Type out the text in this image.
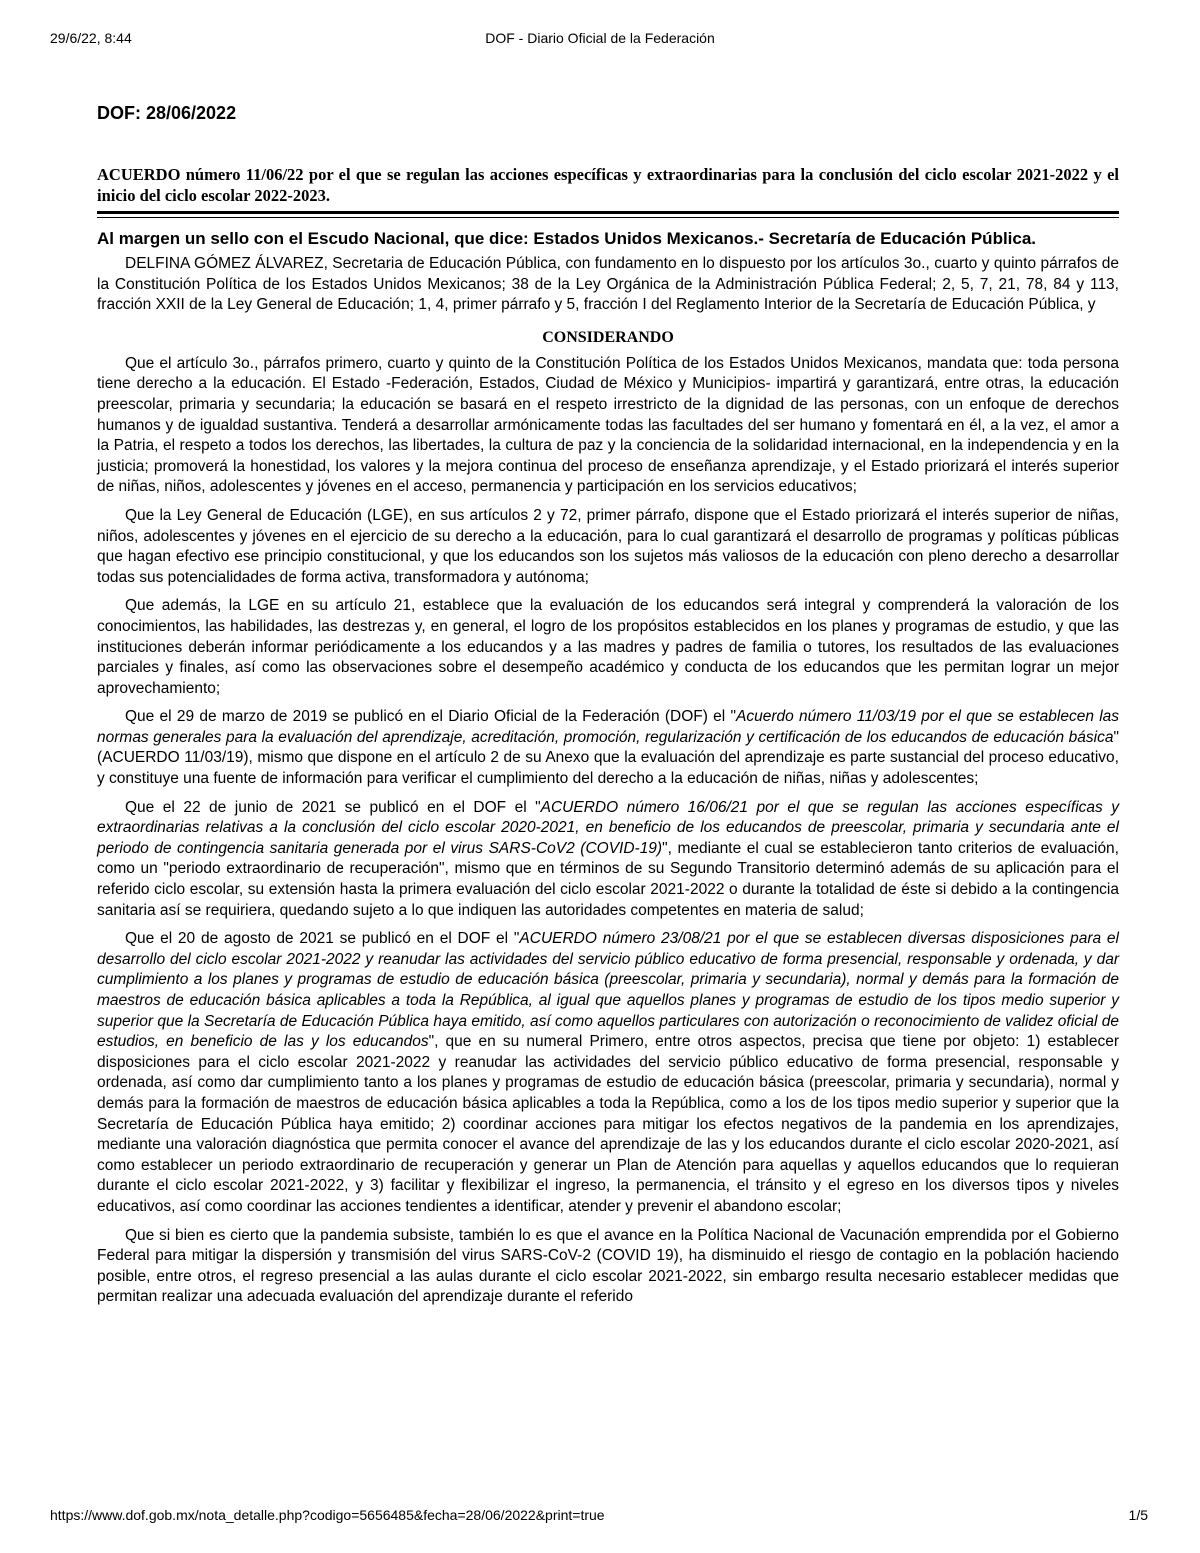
DOF - Diario Oficial de la Federación
29/6/22, 8:44
DOF: 28/06/2022
ACUERDO número 11/06/22 por el que se regulan las acciones específicas y extraordinarias para la conclusión del ciclo escolar 2021-2022 y el inicio del ciclo escolar 2022-2023.
Al margen un sello con el Escudo Nacional, que dice: Estados Unidos Mexicanos.- Secretaría de Educación Pública.

DELFINA GÓMEZ ÁLVAREZ, Secretaria de Educación Pública, con fundamento en lo dispuesto por los artículos 3o., cuarto y quinto párrafos de la Constitución Política de los Estados Unidos Mexicanos; 38 de la Ley Orgánica de la Administración Pública Federal; 2, 5, 7, 21, 78, 84 y 113, fracción XXII de la Ley General de Educación; 1, 4, primer párrafo y 5, fracción I del Reglamento Interior de la Secretaría de Educación Pública, y

CONSIDERANDO

Que el artículo 3o., párrafos primero, cuarto y quinto de la Constitución Política de los Estados Unidos Mexicanos, mandata que: toda persona tiene derecho a la educación. El Estado -Federación, Estados, Ciudad de México y Municipios- impartirá y garantizará, entre otras, la educación preescolar, primaria y secundaria; la educación se basará en el respeto irrestricto de la dignidad de las personas, con un enfoque de derechos humanos y de igualdad sustantiva. Tenderá a desarrollar armónicamente todas las facultades del ser humano y fomentará en él, a la vez, el amor a la Patria, el respeto a todos los derechos, las libertades, la cultura de paz y la conciencia de la solidaridad internacional, en la independencia y en la justicia; promoverá la honestidad, los valores y la mejora continua del proceso de enseñanza aprendizaje, y el Estado priorizará el interés superior de niñas, niños, adolescentes y jóvenes en el acceso, permanencia y participación en los servicios educativos;

Que la Ley General de Educación (LGE), en sus artículos 2 y 72, primer párrafo, dispone que el Estado priorizará el interés superior de niñas, niños, adolescentes y jóvenes en el ejercicio de su derecho a la educación, para lo cual garantizará el desarrollo de programas y políticas públicas que hagan efectivo ese principio constitucional, y que los educandos son los sujetos más valiosos de la educación con pleno derecho a desarrollar todas sus potencialidades de forma activa, transformadora y autónoma;

Que además, la LGE en su artículo 21, establece que la evaluación de los educandos será integral y comprenderá la valoración de los conocimientos, las habilidades, las destrezas y, en general, el logro de los propósitos establecidos en los planes y programas de estudio, y que las instituciones deberán informar periódicamente a los educandos y a las madres y padres de familia o tutores, los resultados de las evaluaciones parciales y finales, así como las observaciones sobre el desempeño académico y conducta de los educandos que les permitan lograr un mejor aprovechamiento;

Que el 29 de marzo de 2019 se publicó en el Diario Oficial de la Federación (DOF) el "Acuerdo número 11/03/19 por el que se establecen las normas generales para la evaluación del aprendizaje, acreditación, promoción, regularización y certificación de los educandos de educación básica" (ACUERDO 11/03/19), mismo que dispone en el artículo 2 de su Anexo que la evaluación del aprendizaje es parte sustancial del proceso educativo, y constituye una fuente de información para verificar el cumplimiento del derecho a la educación de niñas, niñas y adolescentes;

Que el 22 de junio de 2021 se publicó en el DOF el "ACUERDO número 16/06/21 por el que se regulan las acciones específicas y extraordinarias relativas a la conclusión del ciclo escolar 2020-2021, en beneficio de los educandos de preescolar, primaria y secundaria ante el periodo de contingencia sanitaria generada por el virus SARS-CoV2 (COVID-19)", mediante el cual se establecieron tanto criterios de evaluación, como un "periodo extraordinario de recuperación", mismo que en términos de su Segundo Transitorio determinó además de su aplicación para el referido ciclo escolar, su extensión hasta la primera evaluación del ciclo escolar 2021-2022 o durante la totalidad de éste si debido a la contingencia sanitaria así se requiriera, quedando sujeto a lo que indiquen las autoridades competentes en materia de salud;

Que el 20 de agosto de 2021 se publicó en el DOF el "ACUERDO número 23/08/21 por el que se establecen diversas disposiciones para el desarrollo del ciclo escolar 2021-2022 y reanudar las actividades del servicio público educativo de forma presencial, responsable y ordenada, y dar cumplimiento a los planes y programas de estudio de educación básica (preescolar, primaria y secundaria), normal y demás para la formación de maestros de educación básica aplicables a toda la República, al igual que aquellos planes y programas de estudio de los tipos medio superior y superior que la Secretaría de Educación Pública haya emitido, así como aquellos particulares con autorización o reconocimiento de validez oficial de estudios, en beneficio de las y los educandos", que en su numeral Primero, entre otros aspectos, precisa que tiene por objeto: 1) establecer disposiciones para el ciclo escolar 2021-2022 y reanudar las actividades del servicio público educativo de forma presencial, responsable y ordenada, así como dar cumplimiento tanto a los planes y programas de estudio de educación básica (preescolar, primaria y secundaria), normal y demás para la formación de maestros de educación básica aplicables a toda la República, como a los de los tipos medio superior y superior que la Secretaría de Educación Pública haya emitido; 2) coordinar acciones para mitigar los efectos negativos de la pandemia en los aprendizajes, mediante una valoración diagnóstica que permita conocer el avance del aprendizaje de las y los educandos durante el ciclo escolar 2020-2021, así como establecer un periodo extraordinario de recuperación y generar un Plan de Atención para aquellas y aquellos educandos que lo requieran durante el ciclo escolar 2021-2022, y 3) facilitar y flexibilizar el ingreso, la permanencia, el tránsito y el egreso en los diversos tipos y niveles educativos, así como coordinar las acciones tendientes a identificar, atender y prevenir el abandono escolar;

Que si bien es cierto que la pandemia subsiste, también lo es que el avance en la Política Nacional de Vacunación emprendida por el Gobierno Federal para mitigar la dispersión y transmisión del virus SARS-CoV-2 (COVID 19), ha disminuido el riesgo de contagio en la población haciendo posible, entre otros, el regreso presencial a las aulas durante el ciclo escolar 2021-2022, sin embargo resulta necesario establecer medidas que permitan realizar una adecuada evaluación del aprendizaje durante el referido

https://www.dof.gob.mx/nota_detalle.php?codigo=5656485&fecha=28/06/2022&print=true	1/5
